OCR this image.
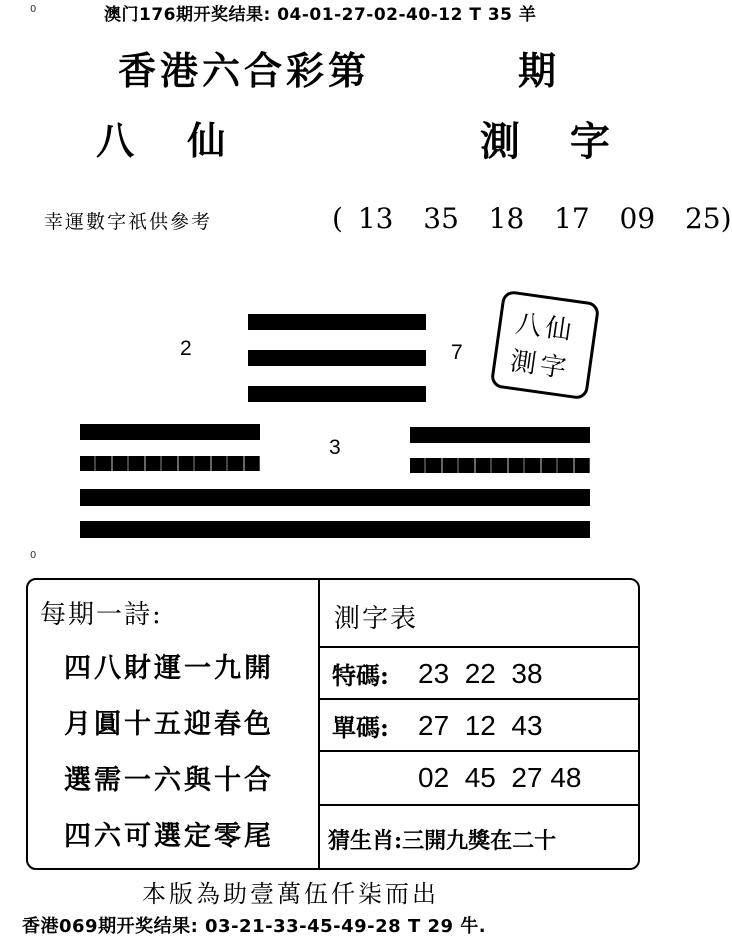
0	澳门176期开奖结果: 04-01-27-02-40-12 T 35 羊
香港六合彩第	期
八 仙	測 字
幸運數字祇供參考	( 13  35  18  17  09  25)
2	7
3
八仙
測字
0
每期一詩:
四八財運一九開
月圓十五迎春色
選需一六與十合
四六可選定零尾
測字表
特碼: 23  22  38
單碼: 27  12  43
02  45  27 48
猜生肖:三開九獎在二十
本版為助壹萬伍仟柒而出
香港069期开奖结果: 03-21-33-45-49-28 T 29 牛.
